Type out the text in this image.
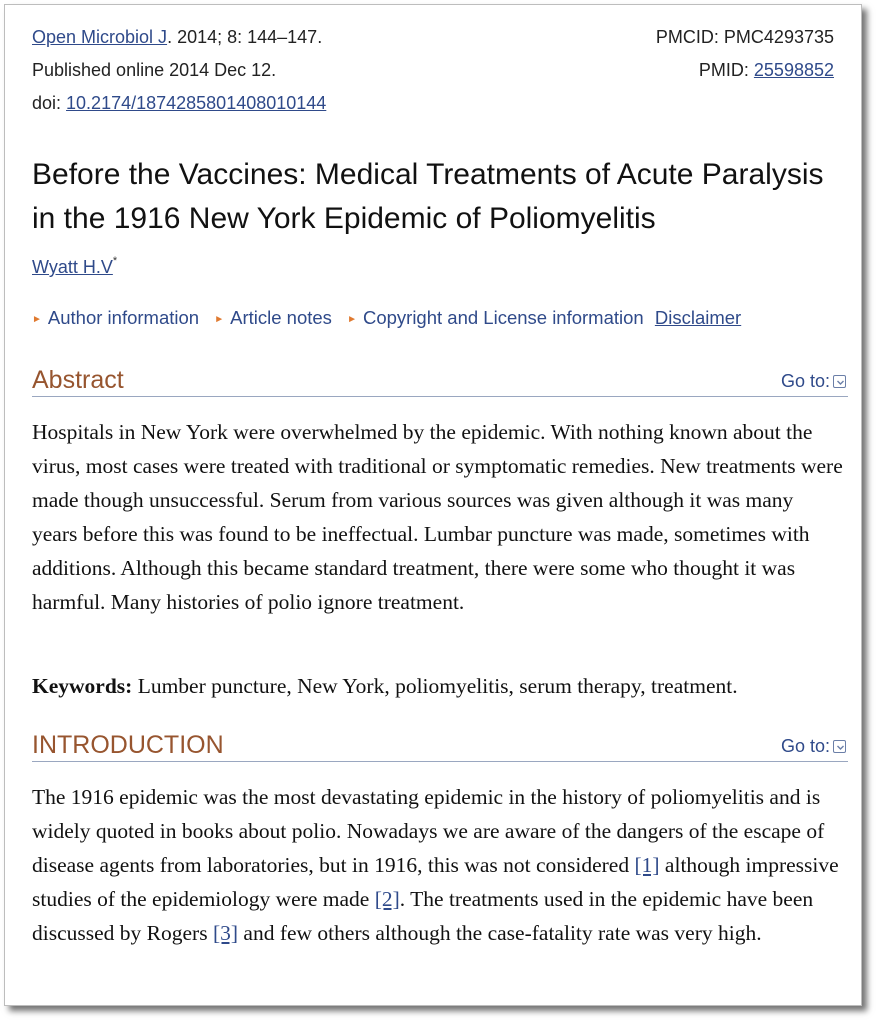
Open Microbiol J. 2014; 8: 144–147.	PMCID: PMC4293735
Published online 2014 Dec 12.	PMID: 25598852
doi: 10.2174/1874285801408010144
Before the Vaccines: Medical Treatments of Acute Paralysis in the 1916 New York Epidemic of Poliomyelitis
Wyatt H.V*
► Author information ► Article notes ► Copyright and License information Disclaimer
Abstract	Go to:

Hospitals in New York were overwhelmed by the epidemic. With nothing known about the virus, most cases were treated with traditional or symptomatic remedies. New treatments were made though unsuccessful. Serum from various sources was given although it was many years before this was found to be ineffectual. Lumbar puncture was made, sometimes with additions. Although this became standard treatment, there were some who thought it was harmful. Many histories of polio ignore treatment.

Keywords: Lumber puncture, New York, poliomyelitis, serum therapy, treatment.

INTRODUCTION	Go to:

The 1916 epidemic was the most devastating epidemic in the history of poliomyelitis and is widely quoted in books about polio. Nowadays we are aware of the dangers of the escape of disease agents from laboratories, but in 1916, this was not considered [1] although impressive studies of the epidemiology were made [2]. The treatments used in the epidemic have been discussed by Rogers [3] and few others although the case-fatality rate was very high.
